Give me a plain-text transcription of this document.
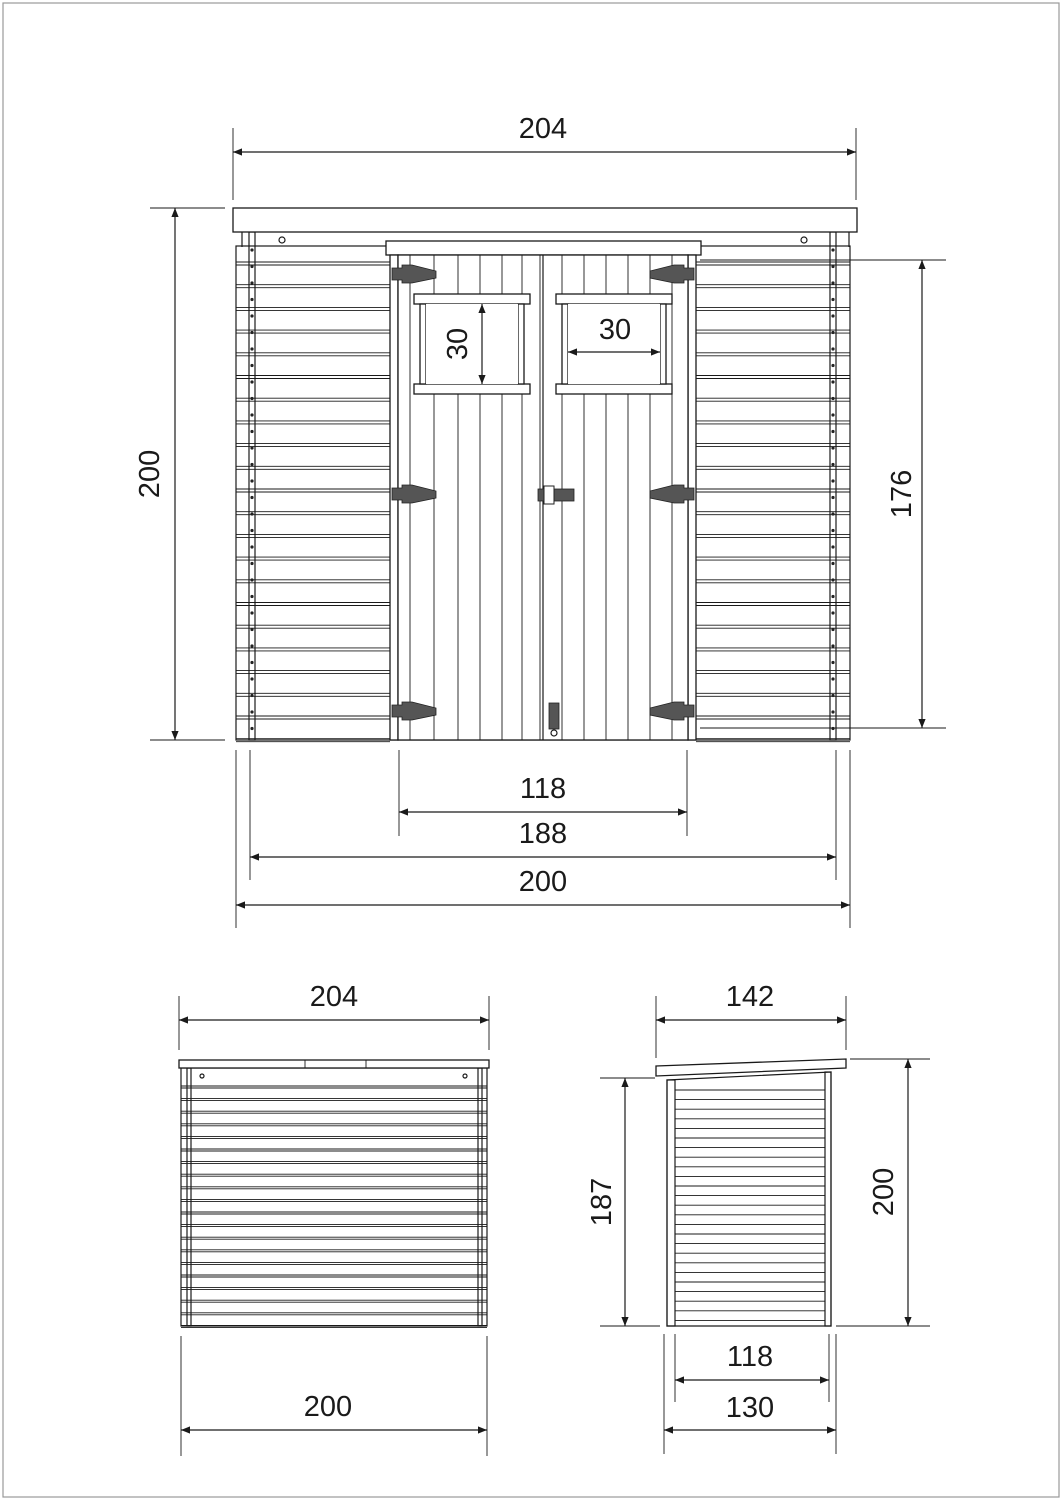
204
200	176
30	30
118
188
200
204
200
142
187	200
118
130
